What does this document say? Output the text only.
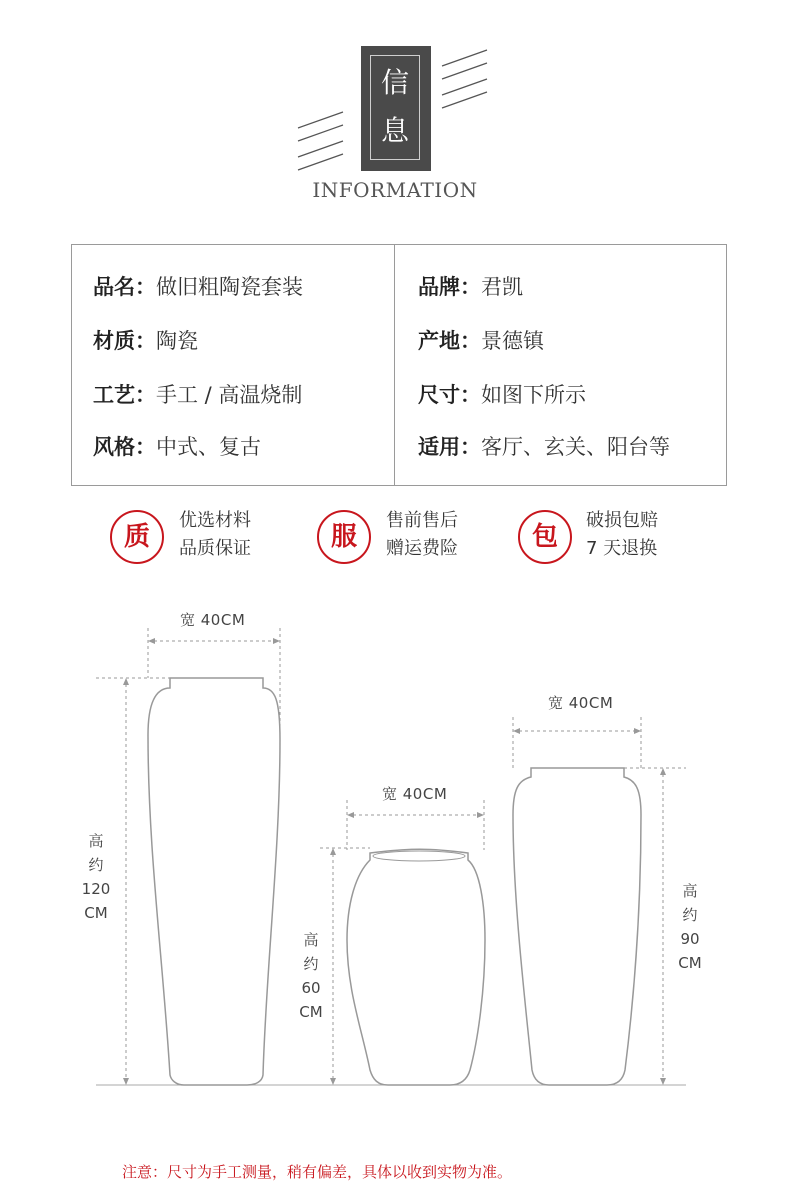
信
息
INFORMATION
品名：做旧粗陶瓷套装
材质：陶瓷
工艺：手工 / 高温烧制
风格：中式、复古
品牌：君凯
产地：景德镇
尺寸：如图下所示
适用：客厅、玄关、阳台等
质
优选材料
品质保证	服
售前售后
赠运费险	包
破损包赔
7 天退换
宽 40CM
宽 40CM
宽 40CM
高
约
120
CM
高
约
60
CM
高
约
90
CM
注意：尺寸为手工测量，稍有偏差，具体以收到实物为准。
